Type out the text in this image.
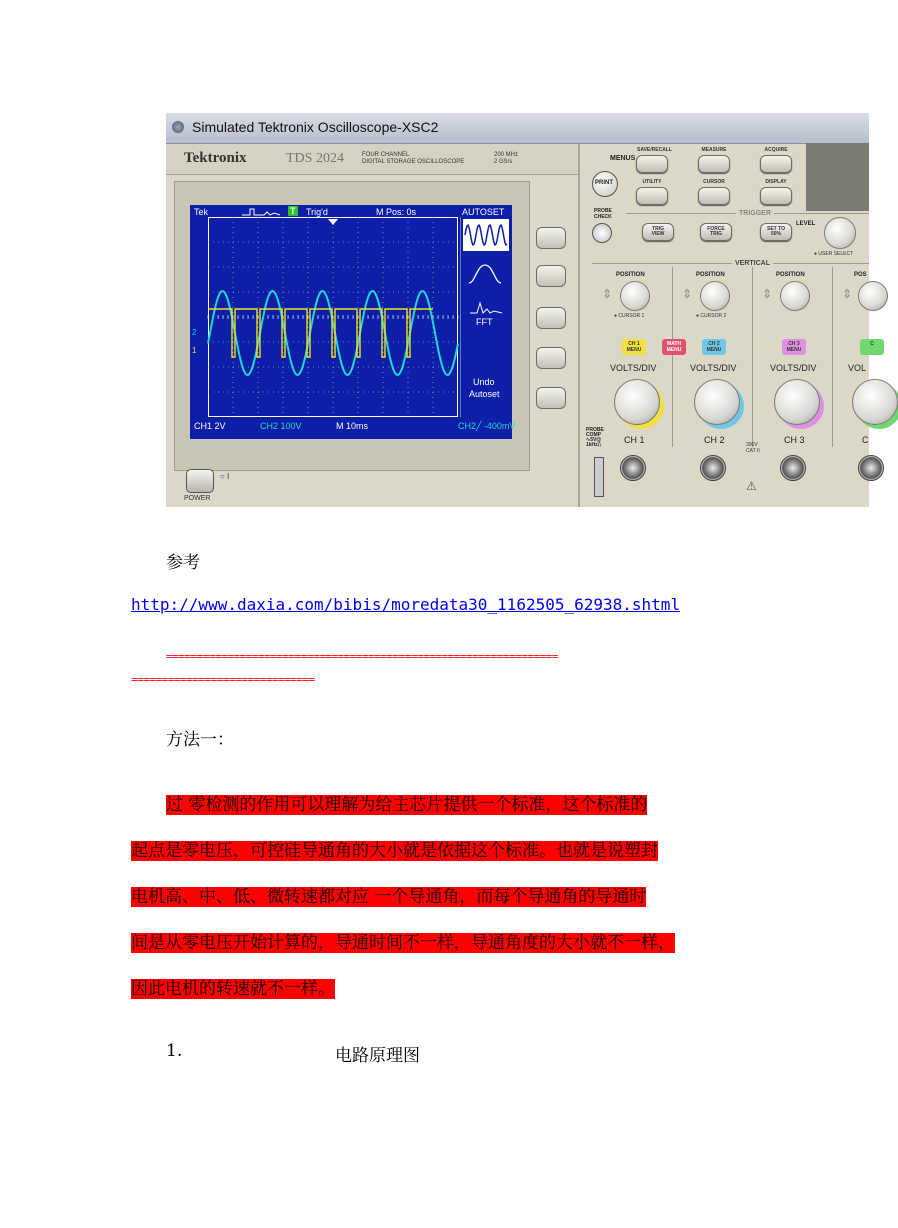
Simulated Tektronix Oscilloscope-XSC2
Tektronix	TDS 2024	FOUR CHANNEL
DIGITAL STORAGE OSCILLOSCOPE
200 MHz
2 GS/s
Tek	T Trig'd	M Pos: 0s	AUTOSET
2
1
FFT
Undo
Autoset
CH1 2V	CH2 100V	M 10ms	CH2╱ -400mV
MENUS
PRINT
SAVE/RECALL	MEASURE	ACQUIRE
UTILITY	CURSOR	DISPLAY
PROBE
CHECK	TRIGGER
TRIG
VIEW
FORCE
TRIG
SET TO
50%
LEVEL
● USER SELECT
VERTICAL
POSITION	POSITION	POSITION	POS
⇕	⇕	⇕	⇕
● CURSOR 1	● CURSOR 2
CH 1
MENU
MATH
MENU
CH 2
MENU
CH 3
MENU
C
VOLTS/DIV	VOLTS/DIV	VOLTS/DIV	VOL
PROBE
COMP
∿5V@
1kHz⎍	CH 1	CH 2	CH 3	C
300V
CAT II
⚠
POWER
○ I
参考
http://www.daxia.com/bibis/moredata30_1162505_62938.shtml
================================================================
==============================
方法一：
过 零检测的作用可以理解为给主芯片提供一个标准，这个标准的
起点是零电压，可控硅导通角的大小就是依据这个标准。也就是说塑封
电机高、中、低、微转速都对应 一个导通角，而每个导通角的导通时
间是从零电压开始计算的，导通时间不一样，导通角度的大小就不一样，
因此电机的转速就不一样。
1.	电路原理图
